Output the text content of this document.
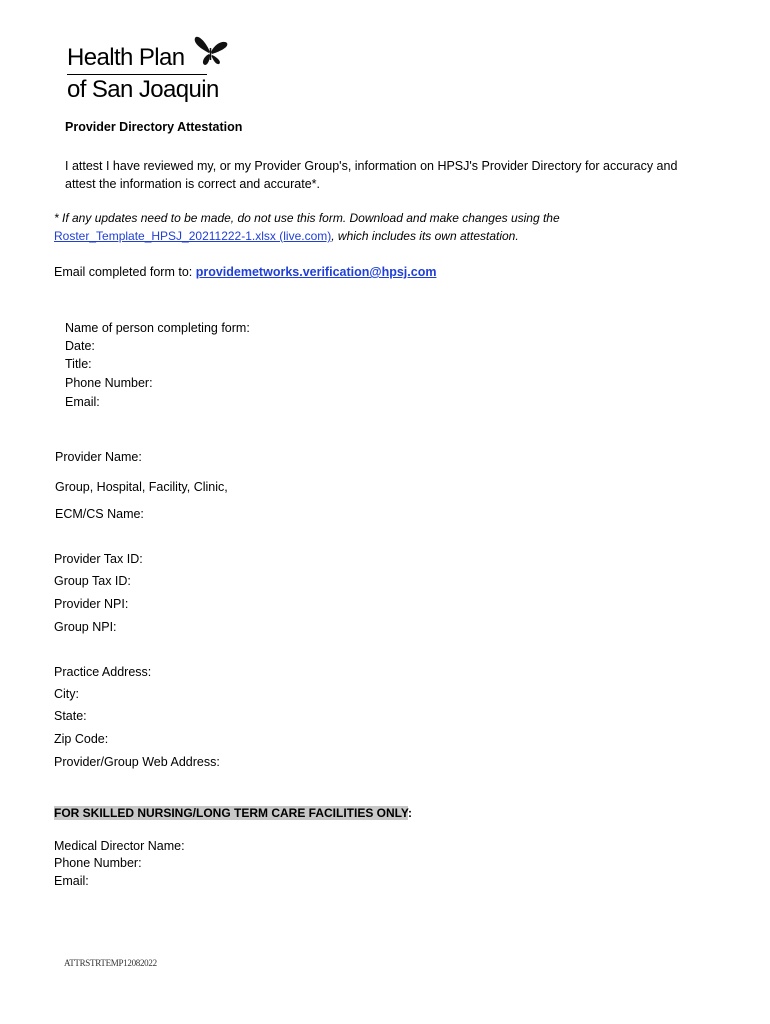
Health Plan
of San Joaquin
Provider Directory Attestation
I attest I have reviewed my, or my Provider Group's, information on HPSJ's Provider Directory for accuracy and
attest the information is correct and accurate*.
* If any updates need to be made, do not use this form. Download and make changes using the
Roster_Template_HPSJ_20211222-1.xlsx (live.com), which includes its own attestation.
Email completed form to: providemetworks.verification@hpsj.com
Name of person completing form:
Date:
Title:
Phone Number:
Email:
Provider Name:
Group, Hospital, Facility, Clinic,
ECM/CS Name:
Provider Tax ID:
Group Tax ID:
Provider NPI:
Group NPI:
Practice Address:
City:
State:
Zip Code:
Provider/Group Web Address:
FOR SKILLED NURSING/LONG TERM CARE FACILITIES ONLY:
Medical Director Name:
Phone Number:
Email:
ATTRSTRTEMP12082022
